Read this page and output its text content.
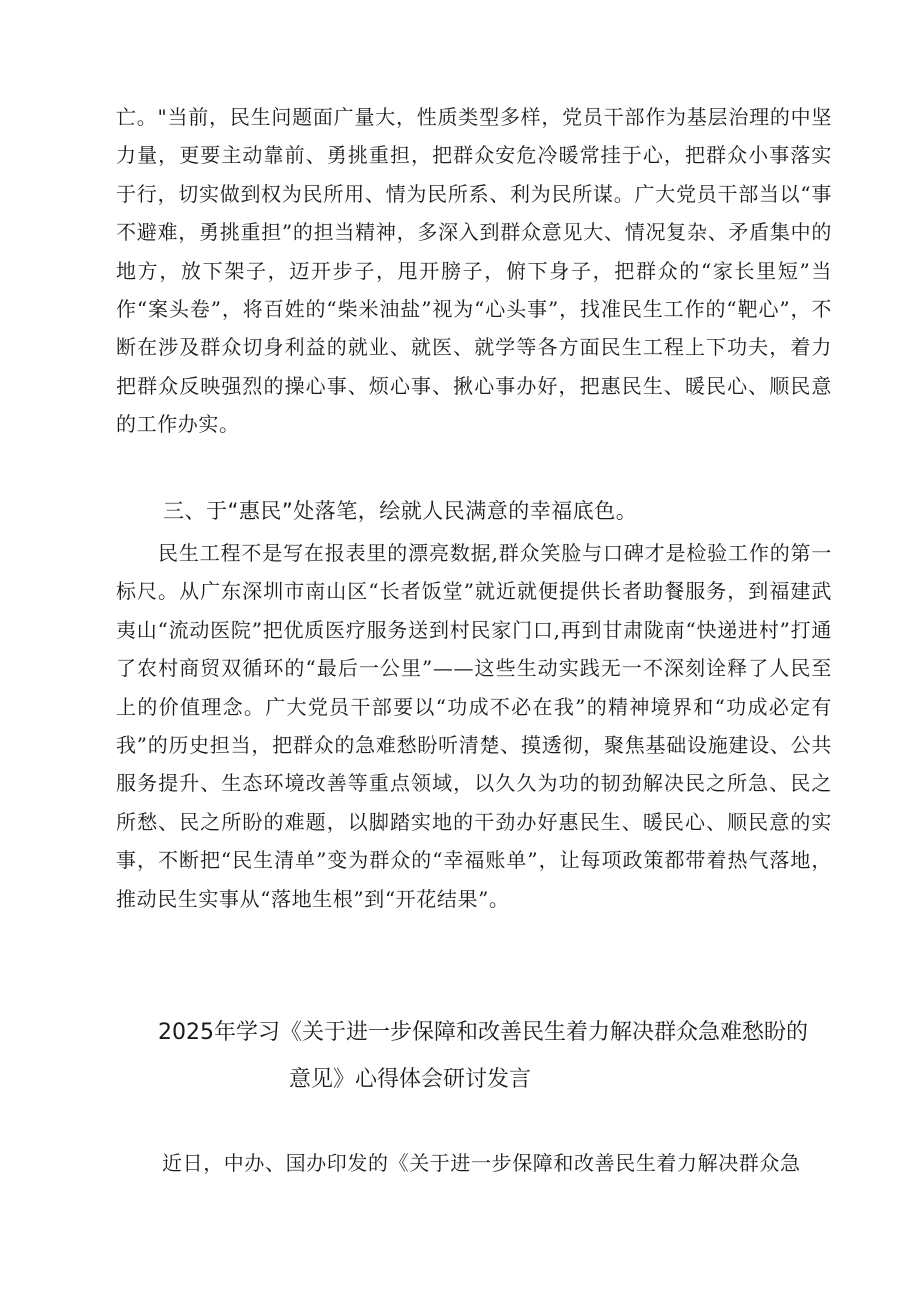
亡。"当前，民生问题面广量大，性质类型多样，党员干部作为基层治理的中坚力量，更要主动靠前、勇挑重担，把群众安危冷暖常挂于心，把群众小事落实于行，切实做到权为民所用、情为民所系、利为民所谋。广大党员干部当以“事不避难，勇挑重担”的担当精神，多深入到群众意见大、情况复杂、矛盾集中的地方，放下架子，迈开步子，甩开膀子，俯下身子，把群众的“家长里短”当作“案头卷”，将百姓的“柴米油盐”视为“心头事”，找准民生工作的“靶心”，不断在涉及群众切身利益的就业、就医、就学等各方面民生工程上下功夫，着力把群众反映强烈的操心事、烦心事、揪心事办好，把惠民生、暖民心、顺民意的工作办实。

三、于“惠民”处落笔，绘就人民满意的幸福底色。

民生工程不是写在报表里的漂亮数据,群众笑脸与口碑才是检验工作的第一标尺。从广东深圳市南山区“长者饭堂”就近就便提供长者助餐服务，到福建武夷山“流动医院”把优质医疗服务送到村民家门口,再到甘肃陇南“快递进村”打通了农村商贸双循环的“最后一公里”——这些生动实践无一不深刻诠释了人民至上的价值理念。广大党员干部要以“功成不必在我”的精神境界和“功成必定有我”的历史担当，把群众的急难愁盼听清楚、摸透彻，聚焦基础设施建设、公共服务提升、生态环境改善等重点领域，以久久为功的韧劲解决民之所急、民之所愁、民之所盼的难题，以脚踏实地的干劲办好惠民生、暖民心、顺民意的实事，不断把“民生清单”变为群众的“幸福账单”，让每项政策都带着热气落地，推动民生实事从“落地生根”到“开花结果”。

2025年学习《关于进一步保障和改善民生着力解决群众急难愁盼的
意见》心得体会研讨发言

近日，中办、国办印发的《关于进一步保障和改善民生着力解决群众急
